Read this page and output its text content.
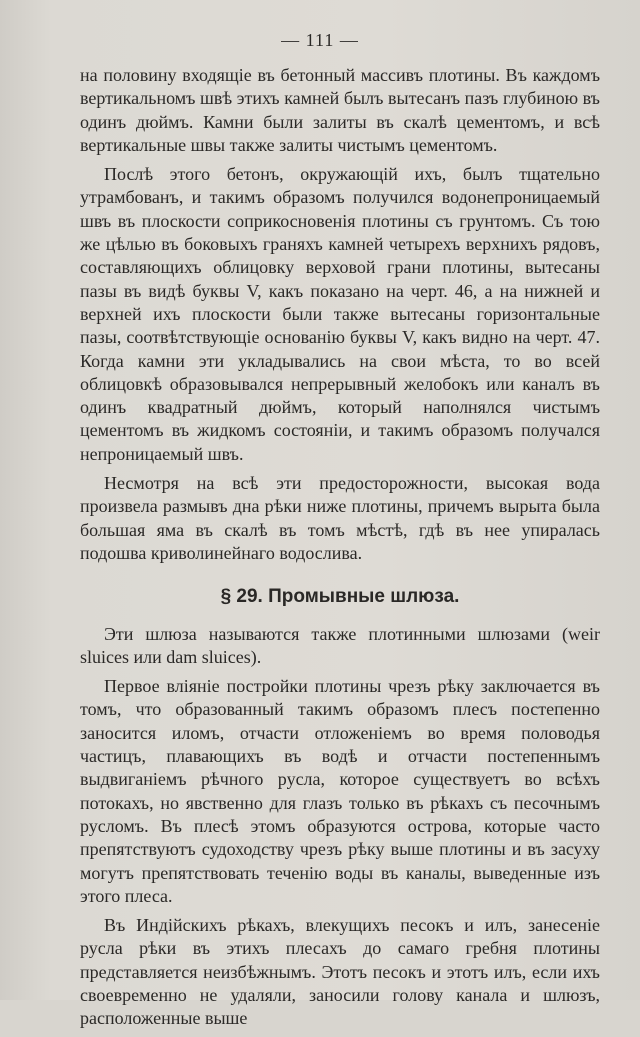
— 111 —

на половину входящіе въ бетонный массивъ плотины. Въ каждомъ вертикальномъ швѣ этихъ камней былъ вытесанъ пазъ глубиною въ одинъ дюймъ. Камни были залиты въ скалѣ цементомъ, и всѣ вертикальные швы также залиты чистымъ цементомъ.

Послѣ этого бетонъ, окружающій ихъ, былъ тщательно утрамбованъ, и такимъ образомъ получился водонепроницаемый швъ въ плоскости соприкосновенія плотины съ грунтомъ. Съ тою же цѣлью въ боковыхъ граняхъ камней четырехъ верхнихъ рядовъ, составляющихъ облицовку верховой грани плотины, вытесаны пазы въ видѣ буквы V, какъ показано на черт. 46, а на нижней и верхней ихъ плоскости были также вытесаны горизонтальные пазы, соотвѣтствующіе основанію буквы V, какъ видно на черт. 47. Когда камни эти укладывались на свои мѣста, то во всей облицовкѣ образовывался непрерывный желобокъ или каналъ въ одинъ квадратный дюймъ, который наполнялся чистымъ цементомъ въ жидкомъ состояніи, и такимъ образомъ получался непроницаемый швъ.

Несмотря на всѣ эти предосторожности, высокая вода произвела размывъ дна рѣки ниже плотины, причемъ вырыта была большая яма въ скалѣ въ томъ мѣстѣ, гдѣ въ нее упиралась подошва криволинейнаго водослива.

§ 29. Промывные шлюза.

Эти шлюза называются также плотинными шлюзами (weir sluices или dam sluices).

Первое вліяніе постройки плотины чрезъ рѣку заключается въ томъ, что образованный такимъ образомъ плесъ постепенно заносится иломъ, отчасти отложеніемъ во время половодья частицъ, плавающихъ въ водѣ и отчасти постепеннымъ выдвиганіемъ рѣчного русла, которое существуетъ во всѣхъ потокахъ, но явственно для глазъ только въ рѣкахъ съ песочнымъ русломъ. Въ плесѣ этомъ образуются острова, которые часто препятствуютъ судоходству чрезъ рѣку выше плотины и въ засуху могутъ препятствовать теченію воды въ каналы, выведенные изъ этого плеса.

Въ Индійскихъ рѣкахъ, влекущихъ песокъ и илъ, занесеніе русла рѣки въ этихъ плесахъ до самаго гребня плотины представляется неизбѣжнымъ. Этотъ песокъ и этотъ илъ, если ихъ своевременно не удаляли, заносили голову канала и шлюзъ, расположенные выше
